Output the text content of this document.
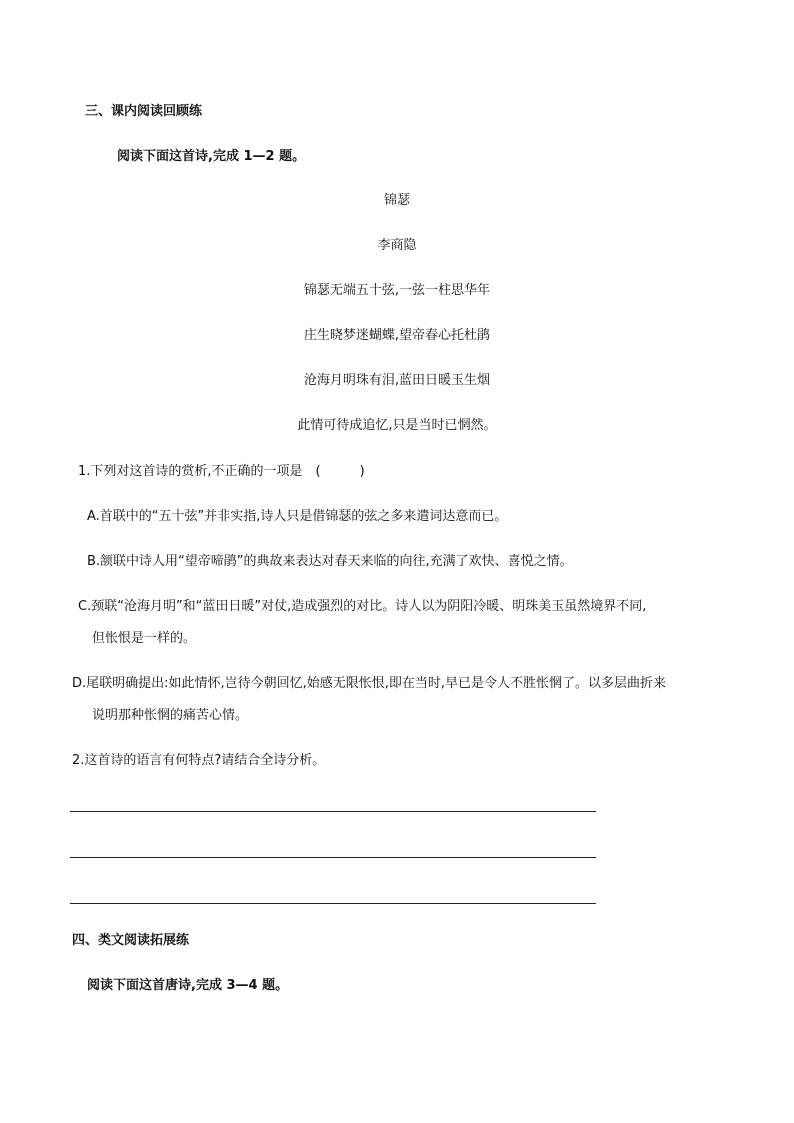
三、课内阅读回顾练
阅读下面这首诗,完成 1—2 题。
锦瑟
李商隐
锦瑟无端五十弦,一弦一柱思华年
庄生晓梦迷蝴蝶,望帝春心托杜鹃
沧海月明珠有泪,蓝田日暖玉生烟
此情可待成追忆,只是当时已惘然。
1.下列对这首诗的赏析,不正确的一项是　(　　　)
A.首联中的“五十弦”并非实指,诗人只是借锦瑟的弦之多来遣词达意而已。
B.颔联中诗人用“望帝啼鹃”的典故来表达对春天来临的向往,充满了欢快、喜悦之情。
C.颈联“沧海月明”和“蓝田日暖”对仗,造成强烈的对比。诗人以为阴阳冷暖、明珠美玉虽然境界不同,
但怅恨是一样的。
D.尾联明确提出:如此情怀,岂待今朝回忆,始感无限怅恨,即在当时,早已是令人不胜怅惘了。以多层曲折来
说明那种怅惘的痛苦心情。
2.这首诗的语言有何特点?请结合全诗分析。
四、类文阅读拓展练
阅读下面这首唐诗,完成 3—4 题。
